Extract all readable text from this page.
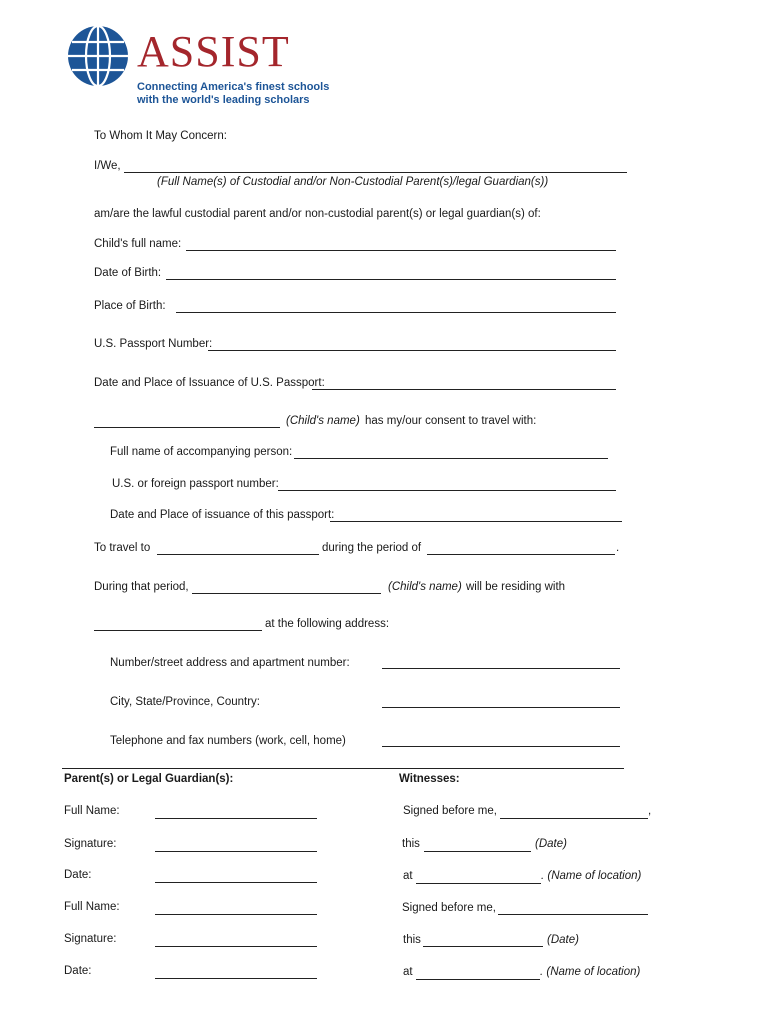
ASSIST
Connecting America's finest schools
with the world's leading scholars
To Whom It May Concern:
I/We,
(Full Name(s) of Custodial and/or Non-Custodial Parent(s)/legal Guardian(s))
am/are the lawful custodial parent and/or non-custodial parent(s) or legal guardian(s) of:
Child's full name:
Date of Birth:
Place of Birth:
U.S. Passport Number:
Date and Place of Issuance of U.S. Passport:
(Child's name) has my/our consent to travel with:
Full name of accompanying person:
U.S. or foreign passport number:
Date and Place of issuance of this passport:
To travel to	during the period of	.
During that period,	(Child's name) will be residing with
at the following address:
Number/street address and apartment number:
City, State/Province, Country:
Telephone and fax numbers (work, cell, home)
Parent(s) or Legal Guardian(s):
Full Name:
Signature:
Date:
Full Name:
Signature:
Date:
Witnesses:
Signed before me,	,
this	(Date)
at	. (Name of location)
Signed before me,
this	(Date)
at	. (Name of location)
